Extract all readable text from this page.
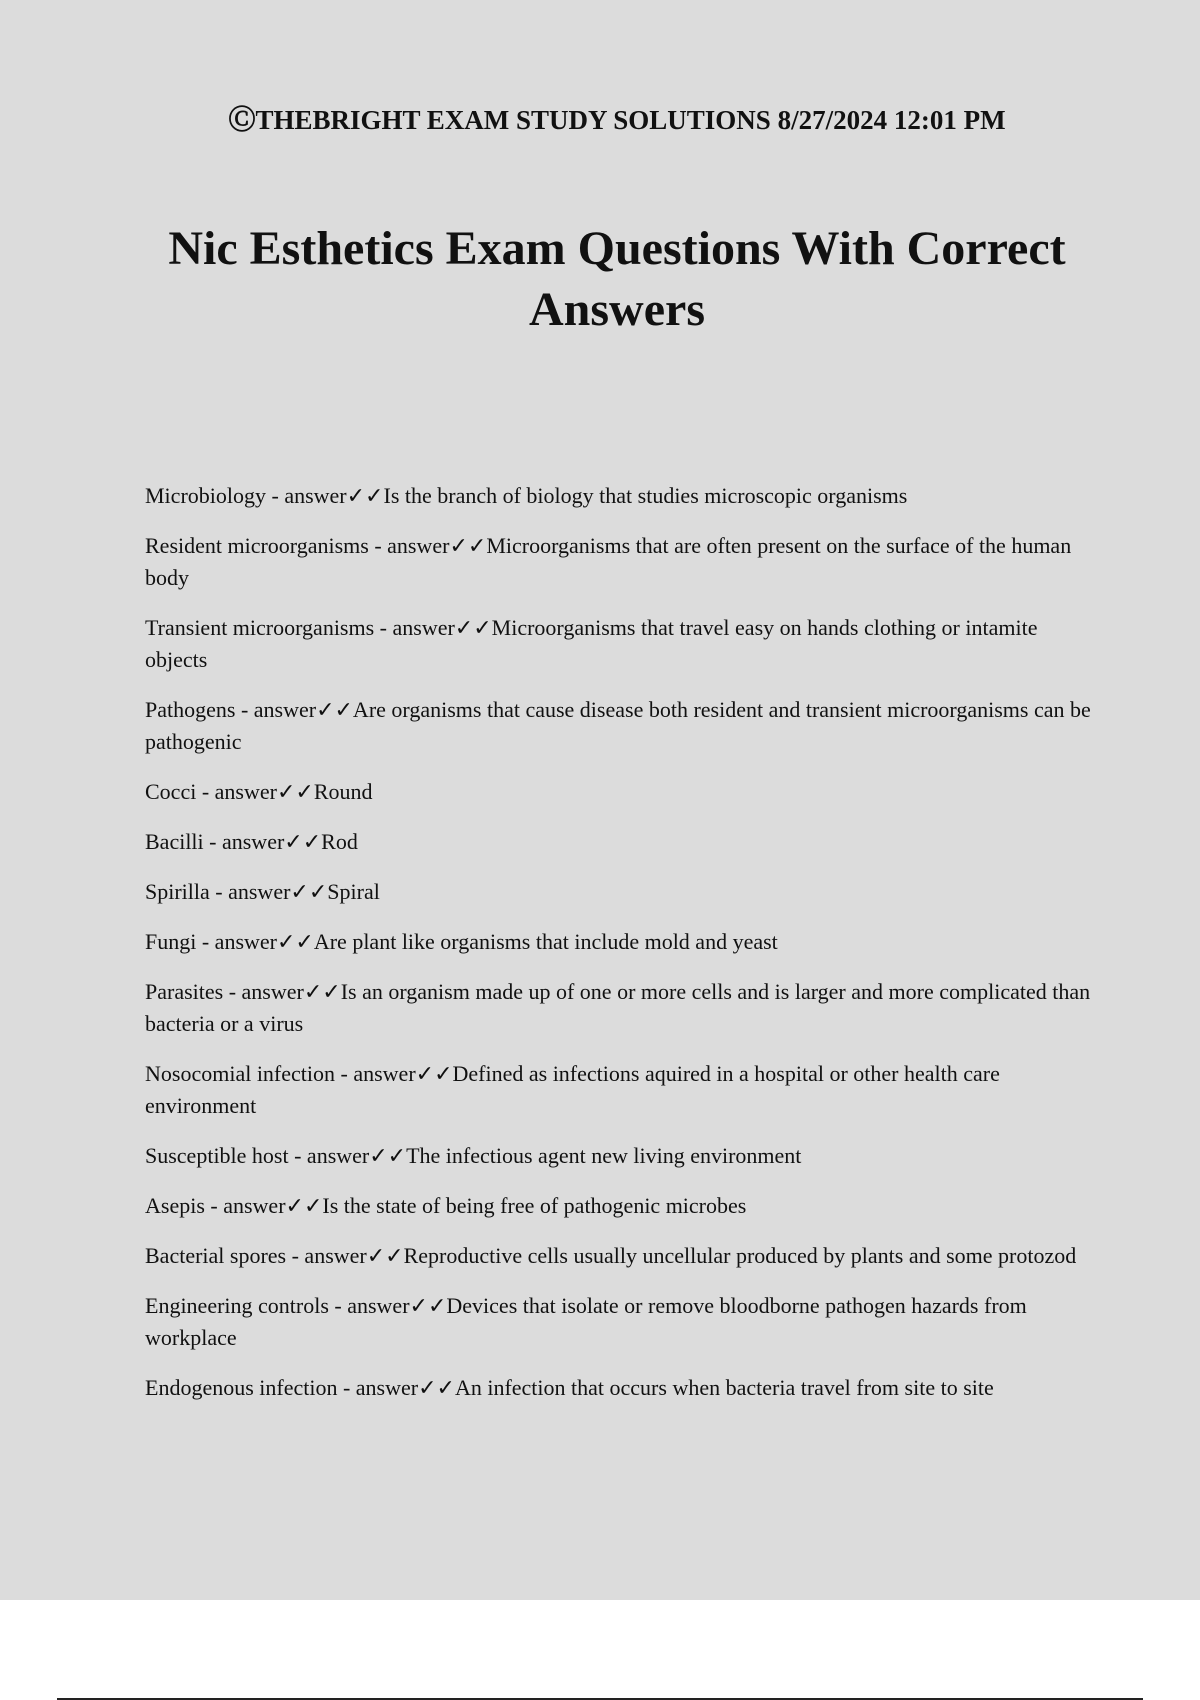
ⒸTHEBRIGHT EXAM STUDY SOLUTIONS 8/27/2024 12:01 PM
Nic Esthetics Exam Questions With Correct Answers

Microbiology - answer✓✓Is the branch of biology that studies microscopic organisms

Resident microorganisms - answer✓✓Microorganisms that are often present on the surface of the human body

Transient microorganisms - answer✓✓Microorganisms that travel easy on hands clothing or intamite objects

Pathogens - answer✓✓Are organisms that cause disease both resident and transient microorganisms can be pathogenic

Cocci - answer✓✓Round

Bacilli - answer✓✓Rod

Spirilla - answer✓✓Spiral

Fungi - answer✓✓Are plant like organisms that include mold and yeast

Parasites - answer✓✓Is an organism made up of one or more cells and is larger and more complicated than bacteria or a virus

Nosocomial infection - answer✓✓Defined as infections aquired in a hospital or other health care environment

Susceptible host - answer✓✓The infectious agent new living environment

Asepis - answer✓✓Is the state of being free of pathogenic microbes

Bacterial spores - answer✓✓Reproductive cells usually uncellular produced by plants and some protozod

Engineering controls - answer✓✓Devices that isolate or remove bloodborne pathogen hazards from workplace

Endogenous infection - answer✓✓An infection that occurs when bacteria travel from site to site
